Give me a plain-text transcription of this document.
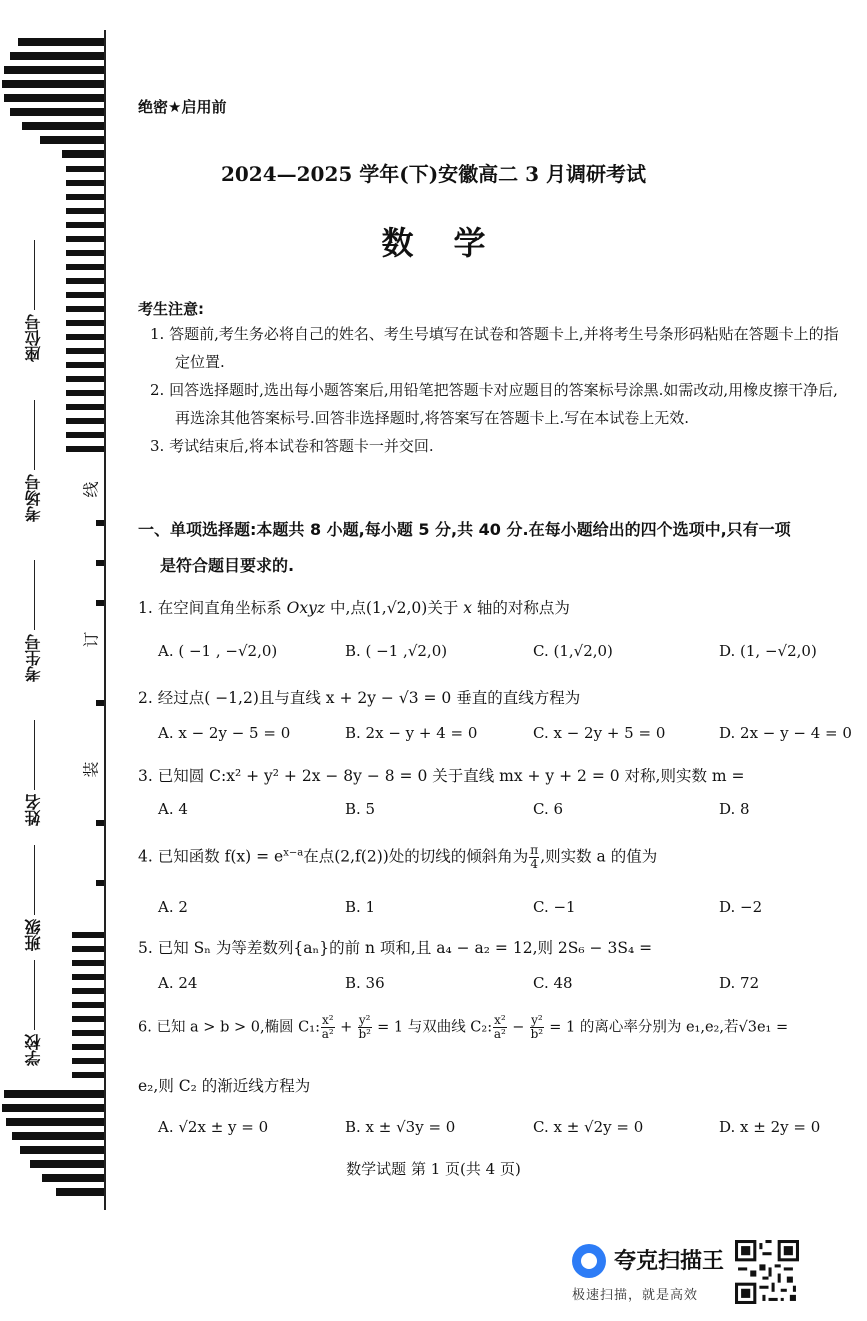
座位号
考场号
考生号
姓名
班级
学校
线
订
装
绝密★启用前
2024—2025 学年(下)安徽高二 3 月调研考试
数学
考生注意:
1. 答题前,考生务必将自己的姓名、考生号填写在试卷和答题卡上,并将考生号条形码粘贴在答题卡上的指定位置.
2. 回答选择题时,选出每小题答案后,用铅笔把答题卡对应题目的答案标号涂黑.如需改动,用橡皮擦干净后,再选涂其他答案标号.回答非选择题时,将答案写在答题卡上.写在本试卷上无效.
3. 考试结束后,将本试卷和答题卡一并交回.
一、单项选择题:本题共 8 小题,每小题 5 分,共 40 分.在每小题给出的四个选项中,只有一项
是符合题目要求的.
1. 在空间直角坐标系 Oxyz 中,点(1,√2,0)关于 x 轴的对称点为
A. ( −1 , −√2,0)	B. ( −1 ,√2,0)	C. (1,√2,0)	D. (1, −√2,0)
2. 经过点( −1,2)且与直线 x + 2y − √3 = 0 垂直的直线方程为
A. x − 2y − 5 = 0	B. 2x − y + 4 = 0	C. x − 2y + 5 = 0	D. 2x − y − 4 = 0
3. 已知圆 C:x² + y² + 2x − 8y − 8 = 0 关于直线 mx + y + 2 = 0 对称,则实数 m =
A. 4	B. 5	C. 6	D. 8
4. 已知函数 $f(x) = e^{x-a}$在点(2,f(2))处的切线的倾斜角为 $\frac{\pi}{4}$ ,则实数 a 的值为
A. 2	B. 1	C. −1	D. −2
5. 已知 Sₙ 为等差数列{aₙ}的前 n 项和,且 a₄ − a₂ = 12,则 2S₆ − 3S₄ =
A. 24	B. 36	C. 48	D. 72
6. 已知 a > b > 0,椭圆 C₁: $\frac{\text{x²}}{\text{a²}} + \frac{\text{y²}}{\text{b²}} = 1$ 与双曲线 C₂: $\frac{\text{x²}}{\text{a²}} - \frac{\text{y²}}{\text{b²}} = 1$ 的离心率分别为 e₁,e₂,若√3e₁ =
e₂,则 C₂ 的渐近线方程为
A. √2x ± y = 0	B. x ± √3y = 0	C. x ± √2y = 0	D. x ± 2y = 0
数学试题 第 1 页(共 4 页)
夸克扫描王
极速扫描，就是高效
